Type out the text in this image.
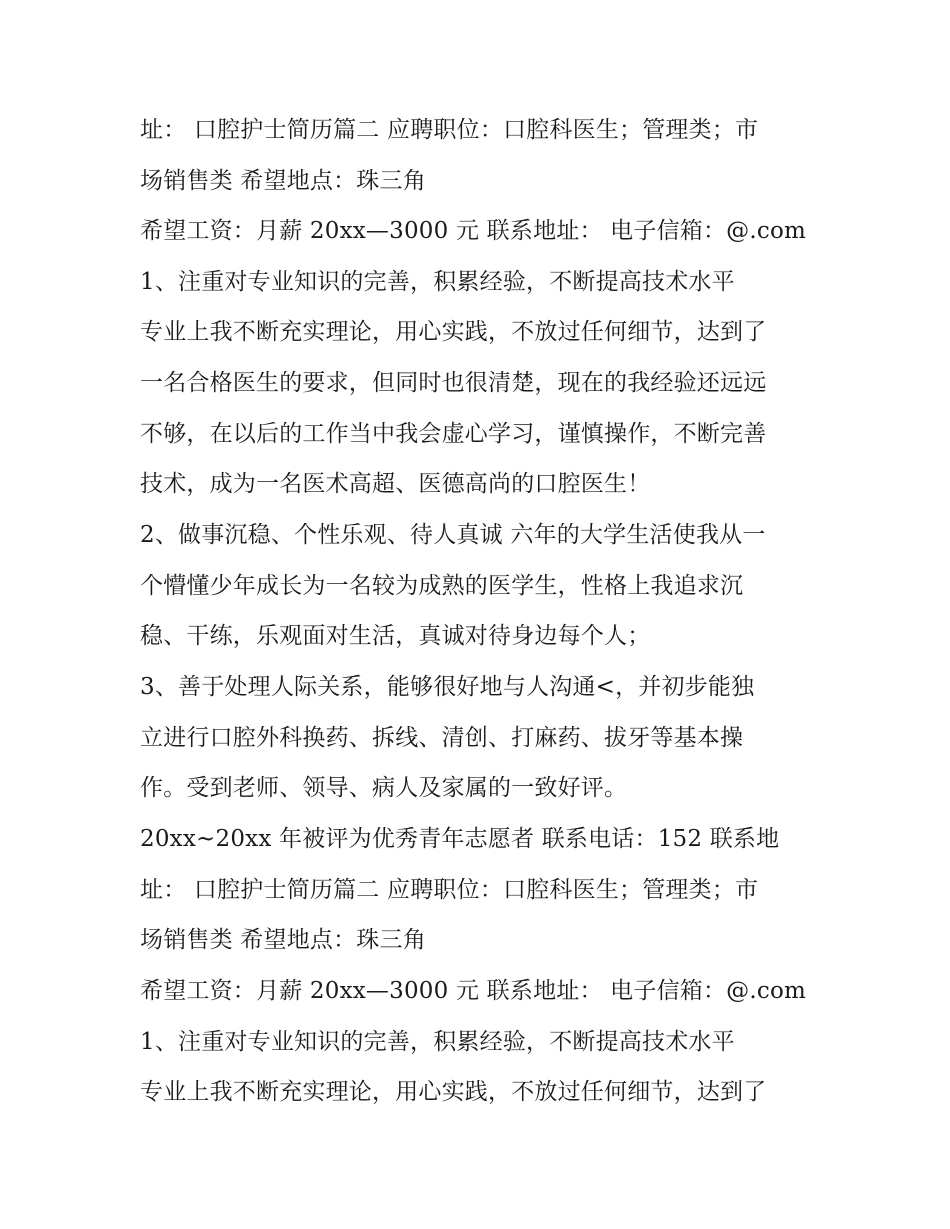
址： 口腔护士简历篇二 应聘职位：口腔科医生；管理类；市
场销售类 希望地点：珠三角
希望工资：月薪 20xx—3000 元 联系地址： 电子信箱：@.com
1、注重对专业知识的完善，积累经验，不断提高技术水平
专业上我不断充实理论，用心实践，不放过任何细节，达到了
一名合格医生的要求，但同时也很清楚，现在的我经验还远远
不够，在以后的工作当中我会虚心学习，谨慎操作，不断完善
技术，成为一名医术高超、医德高尚的口腔医生！
2、做事沉稳、个性乐观、待人真诚 六年的大学生活使我从一
个懵懂少年成长为一名较为成熟的医学生，性格上我追求沉
稳、干练，乐观面对生活，真诚对待身边每个人；
3、善于处理人际关系，能够很好地与人沟通<，并初步能独
立进行口腔外科换药、拆线、清创、打麻药、拔牙等基本操
作。受到老师、领导、病人及家属的一致好评。
20xx~20xx 年被评为优秀青年志愿者 联系电话：152 联系地
址： 口腔护士简历篇二 应聘职位：口腔科医生；管理类；市
场销售类 希望地点：珠三角
希望工资：月薪 20xx—3000 元 联系地址： 电子信箱：@.com
1、注重对专业知识的完善，积累经验，不断提高技术水平
专业上我不断充实理论，用心实践，不放过任何细节，达到了
